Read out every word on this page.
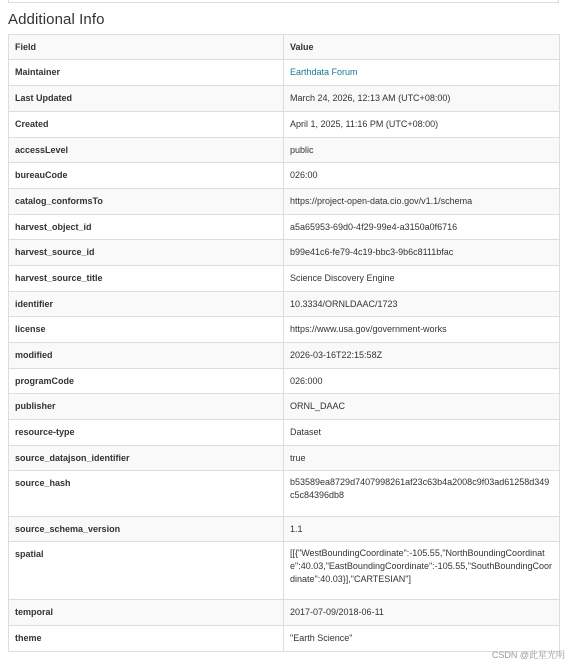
Additional Info
Field	Value
Maintainer	Earthdata Forum
Last Updated	March 24, 2026, 12:13 AM (UTC+08:00)
Created	April 1, 2025, 11:16 PM (UTC+08:00)
accessLevel	public
bureauCode	026:00
catalog_conformsTo	https://project-open-data.cio.gov/v1.1/schema
harvest_object_id	a5a65953-69d0-4f29-99e4-a3150a0f6716
harvest_source_id	b99e41c6-fe79-4c19-bbc3-9b6c8111bfac
harvest_source_title	Science Discovery Engine
identifier	10.3334/ORNLDAAC/1723
license	https://www.usa.gov/government-works
modified	2026-03-16T22:15:58Z
programCode	026:000
publisher	ORNL_DAAC
resource-type	Dataset
source_datajson_identifier	true
source_hash	b53589ea8729d7407998261af23c63b4a2008c9f03ad61258d349c5c84396db8
source_schema_version	1.1
spatial	[[{"WestBoundingCoordinate":-105.55,"NorthBoundingCoordinate":40.03,"EastBoundingCoordinate":-105.55,"SouthBoundingCoordinate":40.03}],"CARTESIAN"]
temporal	2017-07-09/2018-06-11
theme	"Earth Science"
CSDN @此星光明
